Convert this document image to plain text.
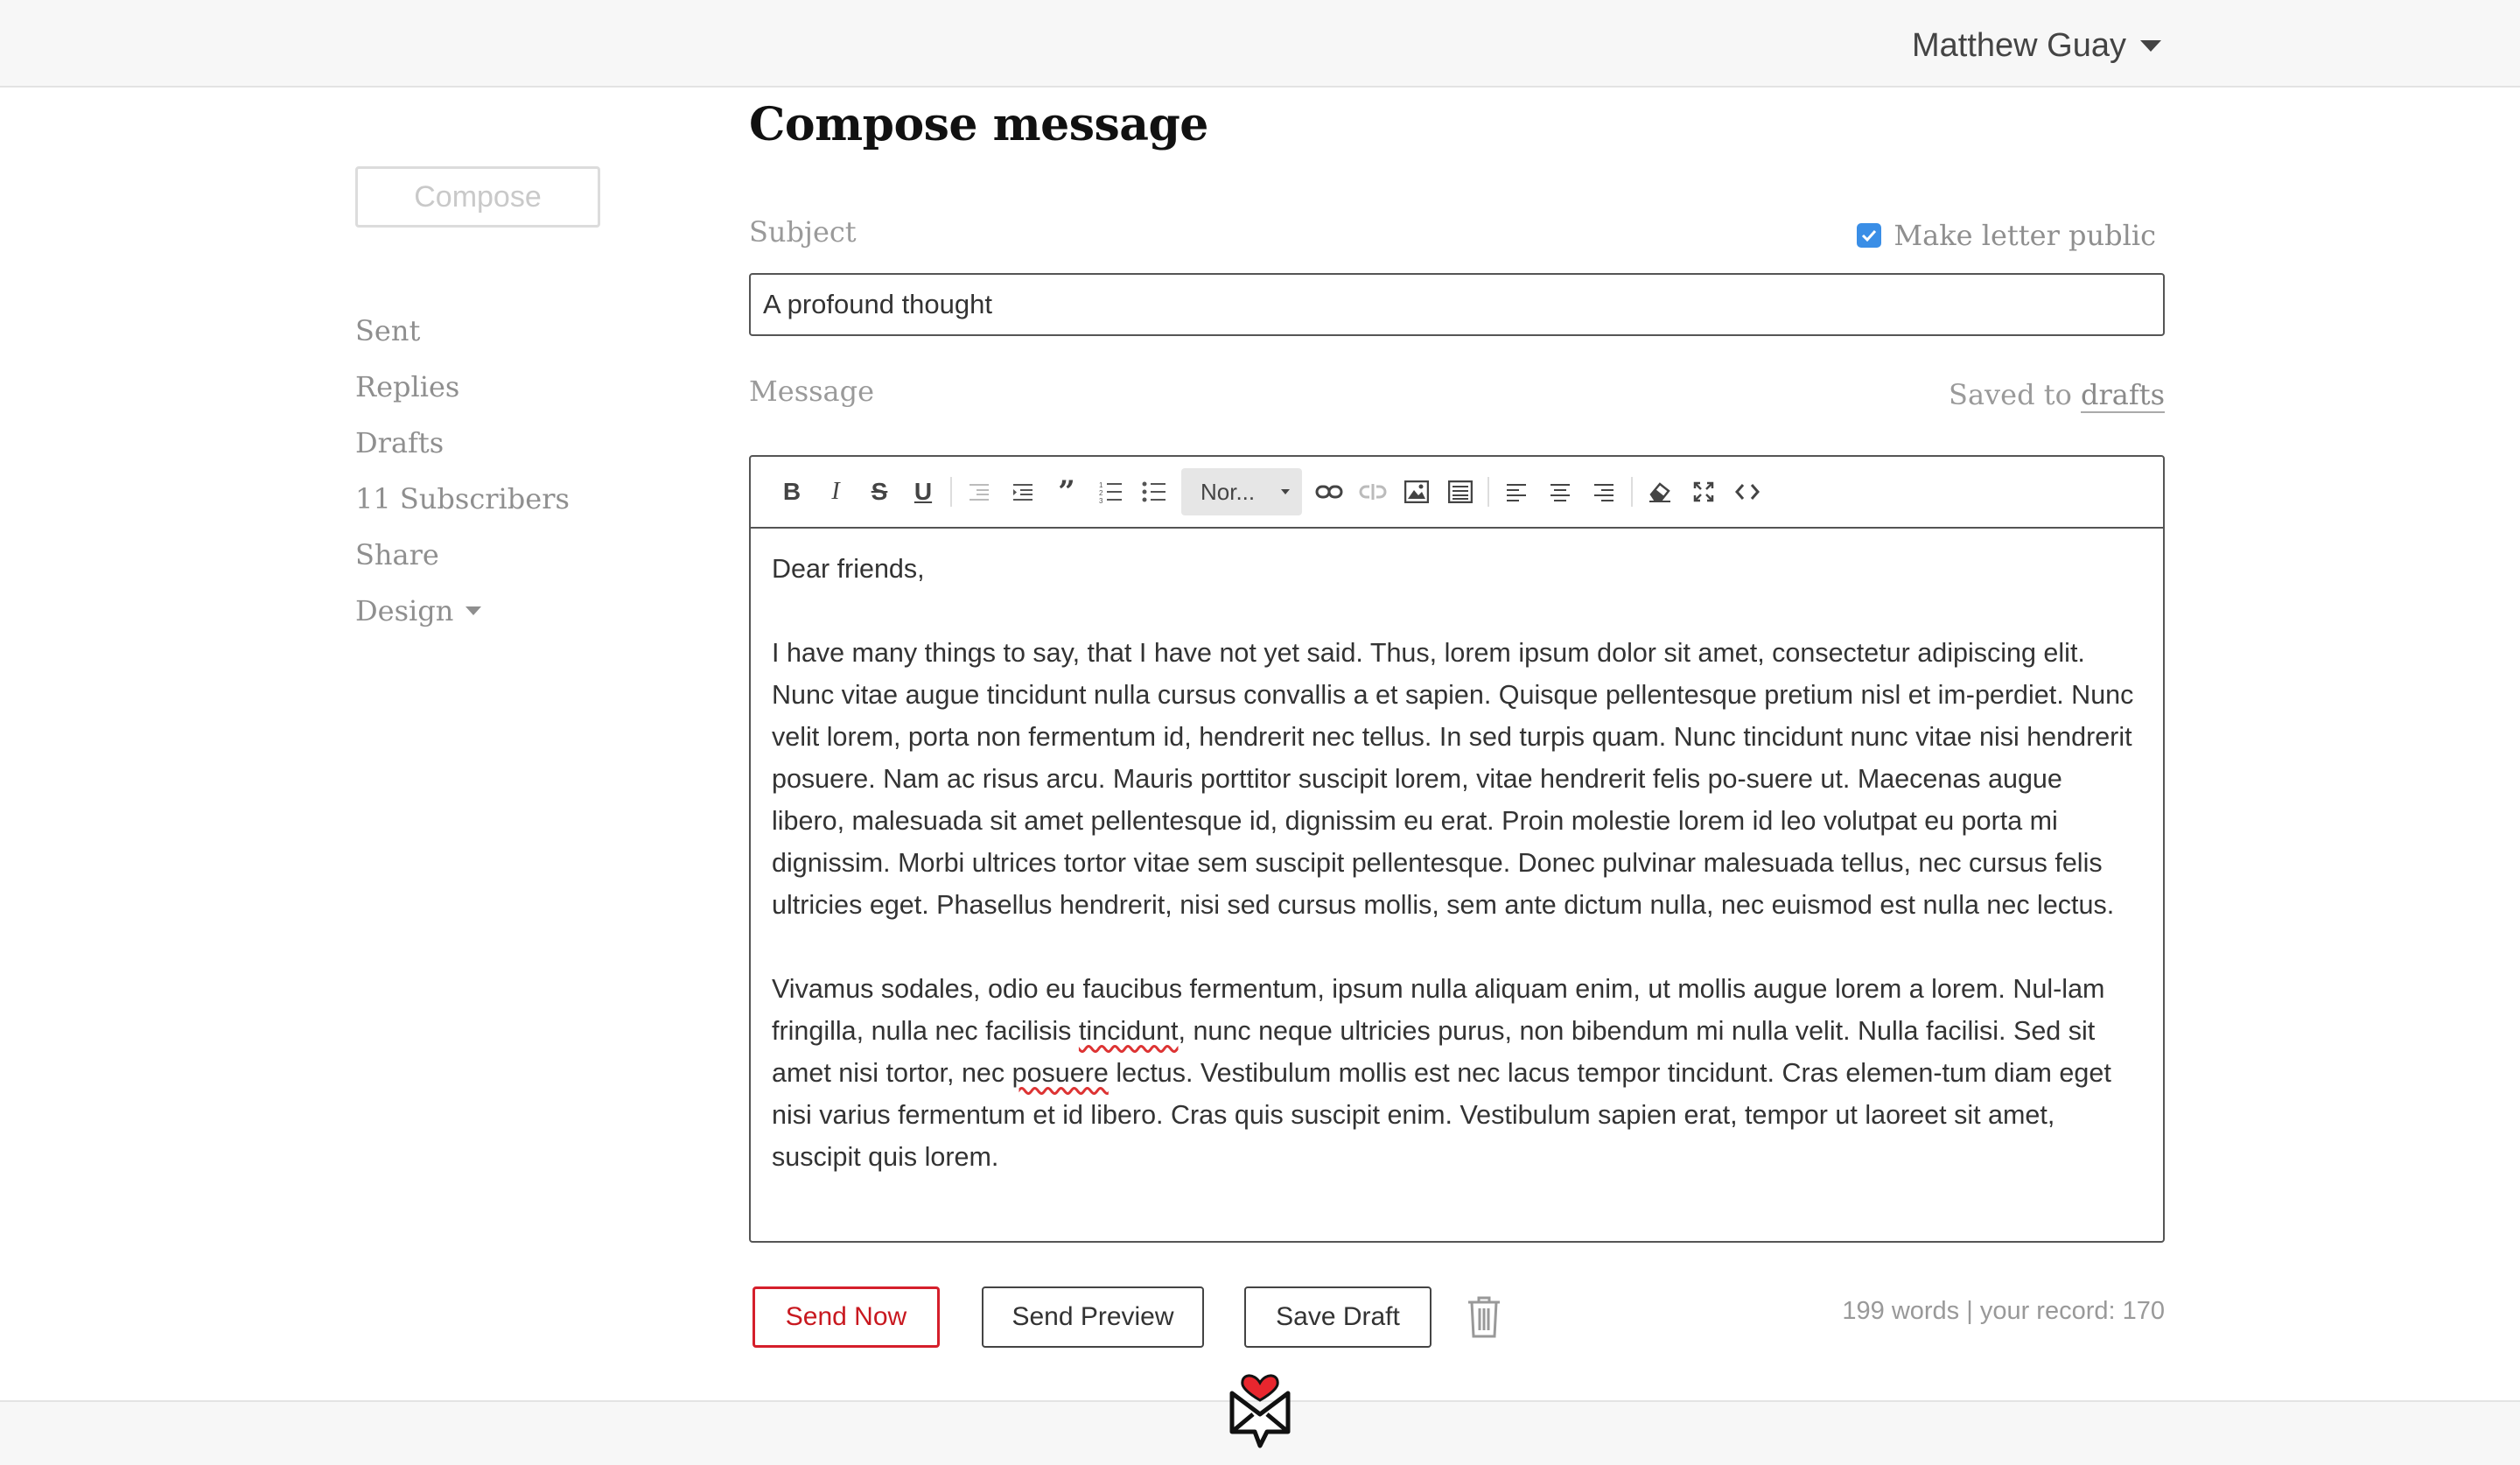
Matthew Guay
Compose
Sent
Replies
Drafts
11 Subscribers
Share
Design
Compose message
Subject	Make letter public
A profound thought
Message	Saved to drafts
B I S U	”	1
2
3	Nor...

Dear friends,

I have many things to say, that I have not yet said. Thus, lorem ipsum dolor sit amet, consectetur adipiscing elit. Nunc vitae augue tincidunt nulla cursus convallis a et sapien. Quisque pellentesque pretium nisl et im-perdiet. Nunc velit lorem, porta non fermentum id, hendrerit nec tellus. In sed turpis quam. Nunc tincidunt nunc vitae nisi hendrerit posuere. Nam ac risus arcu. Mauris porttitor suscipit lorem, vitae hendrerit felis po-suere ut. Maecenas augue libero, malesuada sit amet pellentesque id, dignissim eu erat. Proin molestie lorem id leo volutpat eu porta mi dignissim. Morbi ultrices tortor vitae sem suscipit pellentesque. Donec pulvinar malesuada tellus, nec cursus felis ultricies eget. Phasellus hendrerit, nisi sed cursus mollis, sem ante dictum nulla, nec euismod est nulla nec lectus.

Vivamus sodales, odio eu faucibus fermentum, ipsum nulla aliquam enim, ut mollis augue lorem a lorem. Nul-lam fringilla, nulla nec facilisis tincidunt, nunc neque ultricies purus, non bibendum mi nulla velit. Nulla facilisi. Sed sit amet nisi tortor, nec posuere lectus. Vestibulum mollis est nec lacus tempor tincidunt. Cras elemen-tum diam eget nisi varius fermentum et id libero. Cras quis suscipit enim. Vestibulum sapien erat, tempor ut laoreet sit amet, suscipit quis lorem.

Send Now	Send Preview	Save Draft	199 words | your record: 170
